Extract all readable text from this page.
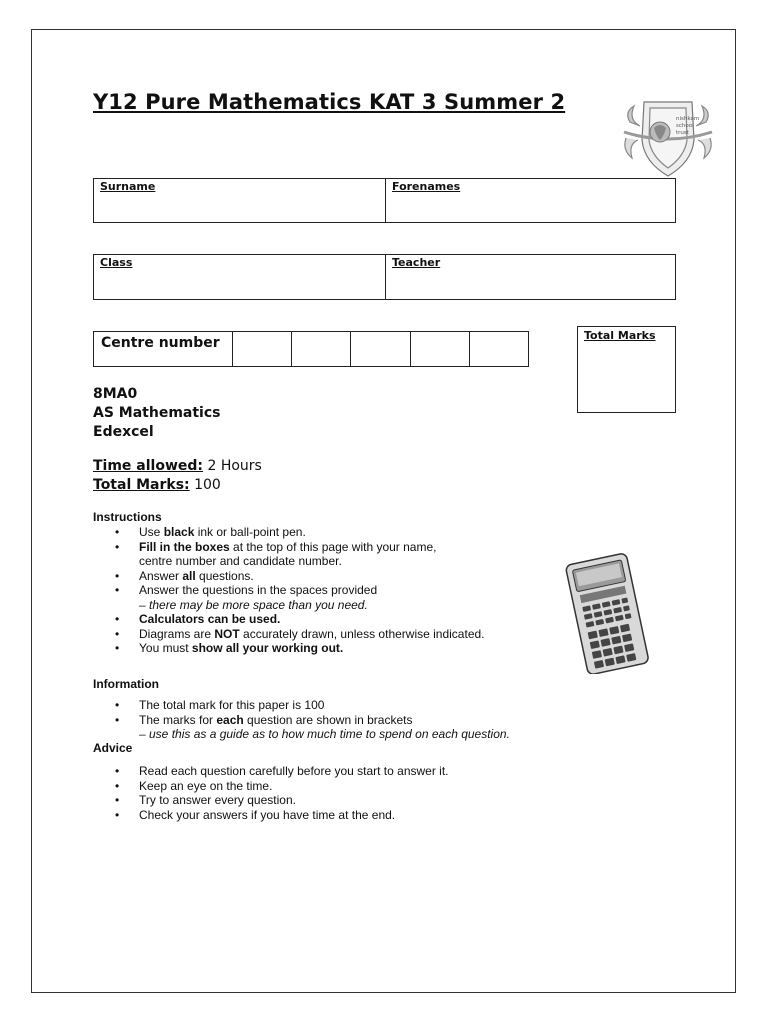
Y12 Pure Mathematics KAT 3 Summer 2
nishkam
school
trust
Surname	Forenames
Class	Teacher
Centre number	Total Marks
8MA0
AS Mathematics
Edexcel
Time allowed: 2 Hours
Total Marks: 100
Instructions
• Use black ink or ball-point pen.
• Fill in the boxes at the top of this page with your name,
centre number and candidate number.
• Answer all questions.
• Answer the questions in the spaces provided
– there may be more space than you need.
• Calculators can be used.
• Diagrams are NOT accurately drawn, unless otherwise indicated.
• You must show all your working out.
Information
• The total mark for this paper is 100
• The marks for each question are shown in brackets
– use this as a guide as to how much time to spend on each question.
Advice
• Read each question carefully before you start to answer it.
• Keep an eye on the time.
• Try to answer every question.
• Check your answers if you have time at the end.
